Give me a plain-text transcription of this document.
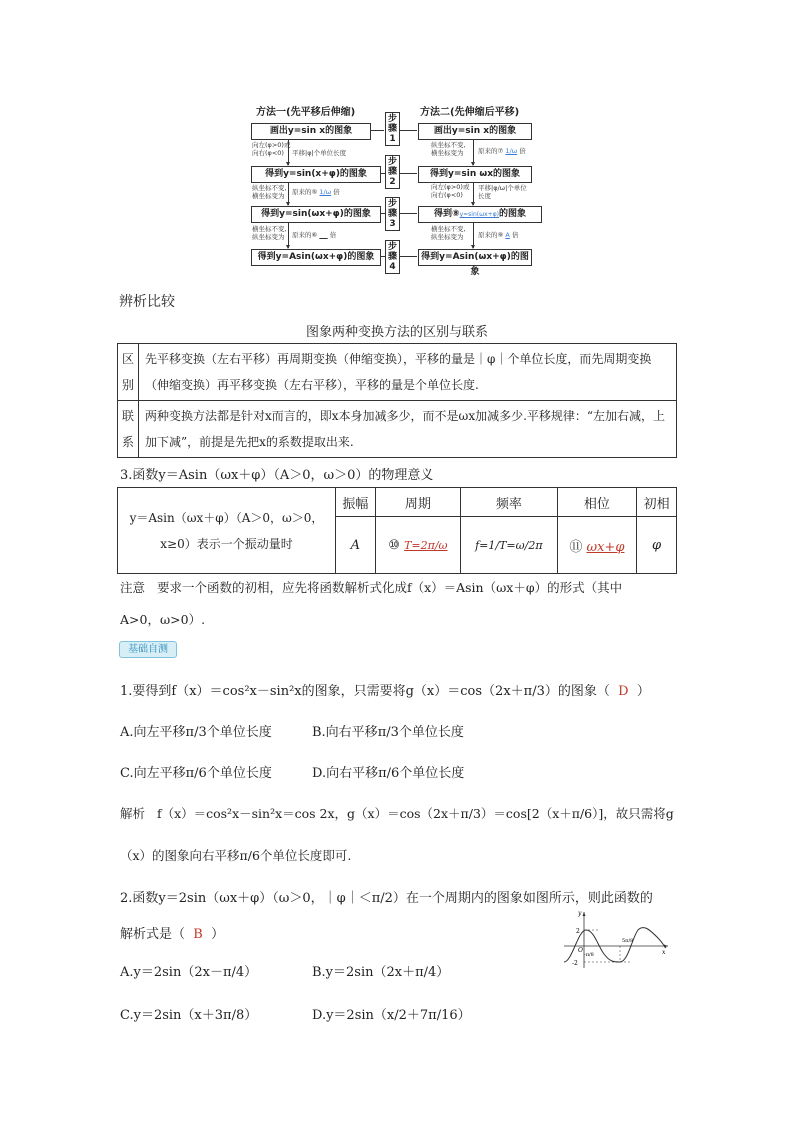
方法一(先平移后伸缩)	方法二(先伸缩后平移)
画出y=sin x的图象
得到y=sin(x+φ)的图象
得到y=sin(ωx+φ)的图象
得到y=Asin(ωx+φ)的图象
画出y=sin x的图象
得到y=sin ωx的图象
得到⑧y=sin(ωx+φ)的图象
得到y=Asin(ωx+φ)的图象
步
骤
1
步
骤
2
步
骤
3
步
骤
4
向左(φ>0)或
向右(φ<0)	平移|φ|个单位长度
纵坐标不变,
横坐标变为	原来的⑤ 1/ω 倍
横坐标不变,
纵坐标变为	原来的⑥ 倍
纵坐标不变,
横坐标变为	原来的⑦ 1/ω 倍
向左(φ>0)或
向右(φ<0)
平移|φ/ω|个单位长度
横坐标不变,
纵坐标变为	原来的⑨ A 倍
辨析比较
图象两种变换方法的区别与联系
区别	先平移变换（左右平移）再周期变换（伸缩变换），平移的量是｜φ｜个单位长度，而先周期变换（伸缩变换）再平移变换（左右平移），平移的量是个单位长度.
联系	两种变换方法都是针对x而言的，即x本身加减多少，而不是ωx加减多少.平移规律：“左加右减，上加下减”，前提是先把x的系数提取出来.
3.函数y＝Asin（ωx＋φ）（A＞0，ω＞0）的物理意义
y＝Asin（ωx＋φ）（A＞0，ω＞0，x≥0）表示一个振动量时	振幅	周期	频率	相位	初相
	A	⑩ T=2π/ω	f=1/T=ω/2π	⑪ ωx+φ	φ
注意 要求一个函数的初相，应先将函数解析式化成f（x）＝Asin（ωx＋φ）的形式（其中
A>0，ω>0）.
基础自测
1.要得到f（x）＝cos²x－sin²x的图象，只需要将g（x）＝cos（2x＋π/3）的图象（ D ）
A.向左平移π/3个单位长度	B.向右平移π/3个单位长度
C.向左平移π/6个单位长度	D.向右平移π/6个单位长度
解析 f（x）＝cos²x－sin²x＝cos 2x，g（x）＝cos（2x＋π/3）＝cos[2（x＋π/6）]，故只需将g
（x）的图象向右平移π/6个单位长度即可.
2.函数y＝2sin（ωx＋φ）（ω＞0，｜φ｜＜π/2）在一个周期内的图象如图所示，则此函数的
解析式是（ B ）
A.y＝2sin（2x－π/4）	B.y＝2sin（2x＋π/4）
C.y＝2sin（x＋3π/8）	D.y＝2sin（x/2＋7π/16）
y
x
O
2
-2
-π/8
5π/8
